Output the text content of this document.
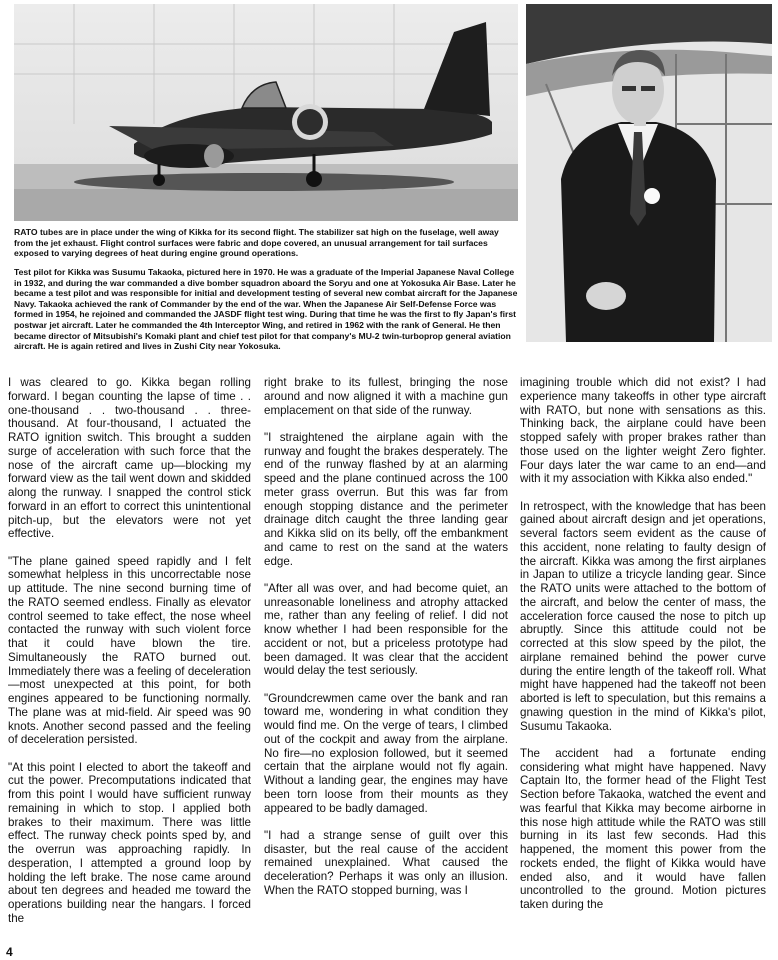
RATO tubes are in place under the wing of Kikka for its second flight. The stabilizer sat high on the fuselage, well away from the jet exhaust. Flight control surfaces were fabric and dope covered, an unusual arrangement for tail surfaces exposed to varying degrees of heat during engine ground operations.
Test pilot for Kikka was Susumu Takaoka, pictured here in 1970. He was a graduate of the Imperial Japanese Naval College in 1932, and during the war commanded a dive bomber squadron aboard the Soryu and one at Yokosuka Air Base. Later he became a test pilot and was responsible for initial and development testing of several new combat aircraft for the Japanese Navy. Takaoka achieved the rank of Commander by the end of the war. When the Japanese Air Self-Defense Force was formed in 1954, he rejoined and commanded the JASDF flight test wing. During that time he was the first to fly Japan's first postwar jet aircraft. Later he commanded the 4th Interceptor Wing, and retired in 1962 with the rank of General. He then became director of Mitsubishi's Komaki plant and chief test pilot for that company's MU-2 twin-turboprop general aviation aircraft. He is again retired and lives in Zushi City near Yokosuka.

I was cleared to go. Kikka began rolling forward. I began counting the lapse of time . . one-thousand . . two-thousand . . three-thousand. At four-thousand, I actuated the RATO ignition switch. This brought a sudden surge of acceleration with such force that the nose of the aircraft came up—blocking my forward view as the tail went down and skidded along the runway. I snapped the control stick forward in an effort to correct this unintentional pitch-up, but the elevators were not yet effective.

"The plane gained speed rapidly and I felt somewhat helpless in this uncorrectable nose up attitude. The nine second burning time of the RATO seemed endless. Finally as elevator control seemed to take effect, the nose wheel contacted the runway with such violent force that it could have blown the tire. Simultaneously the RATO burned out. Immediately there was a feeling of deceleration—most unexpected at this point, for both engines appeared to be functioning normally. The plane was at mid-field. Air speed was 90 knots. Another second passed and the feeling of deceleration persisted.

"At this point I elected to abort the takeoff and cut the power. Precomputations indicated that from this point I would have sufficient runway remaining in which to stop. I applied both brakes to their maximum. There was little effect. The runway check points sped by, and the overrun was approaching rapidly. In desperation, I attempted a ground loop by holding the left brake. The nose came around about ten degrees and headed me toward the operations building near the hangars. I forced the

right brake to its fullest, bringing the nose around and now aligned it with a machine gun emplacement on that side of the runway.

"I straightened the airplane again with the runway and fought the brakes desperately. The end of the runway flashed by at an alarming speed and the plane continued across the 100 meter grass overrun. But this was far from enough stopping distance and the perimeter drainage ditch caught the three landing gear and Kikka slid on its belly, off the embankment and came to rest on the sand at the waters edge.

"After all was over, and had become quiet, an unreasonable loneliness and atrophy attacked me, rather than any feeling of relief. I did not know whether I had been responsible for the accident or not, but a priceless prototype had been damaged. It was clear that the accident would delay the test seriously.

"Groundcrewmen came over the bank and ran toward me, wondering in what condition they would find me. On the verge of tears, I climbed out of the cockpit and away from the airplane. No fire—no explosion followed, but it seemed certain that the airplane would not fly again. Without a landing gear, the engines may have been torn loose from their mounts as they appeared to be badly damaged.

"I had a strange sense of guilt over this disaster, but the real cause of the accident remained unexplained. What caused the deceleration? Perhaps it was only an illusion. When the RATO stopped burning, was I

imagining trouble which did not exist? I had experience many takeoffs in other type aircraft with RATO, but none with sensations as this. Thinking back, the airplane could have been stopped safely with proper brakes rather than those used on the lighter weight Zero fighter. Four days later the war came to an end—and with it my association with Kikka also ended."

In retrospect, with the knowledge that has been gained about aircraft design and jet operations, several factors seem evident as the cause of this accident, none relating to faulty design of the aircraft. Kikka was among the first airplanes in Japan to utilize a tricycle landing gear. Since the RATO units were attached to the bottom of the aircraft, and below the center of mass, the acceleration force caused the nose to pitch up abruptly. Since this attitude could not be corrected at this slow speed by the pilot, the airplane remained behind the power curve during the entire length of the takeoff roll. What might have happened had the takeoff not been aborted is left to speculation, but this remains a gnawing question in the mind of Kikka's pilot, Susumu Takaoka.

The accident had a fortunate ending considering what might have happened. Navy Captain Ito, the former head of the Flight Test Section before Takaoka, watched the event and was fearful that Kikka may become airborne in this nose high attitude while the RATO was still burning in its last few seconds. Had this happened, the moment this power from the rockets ended, the flight of Kikka would have ended also, and it would have fallen uncontrolled to the ground. Motion pictures taken during the

4
